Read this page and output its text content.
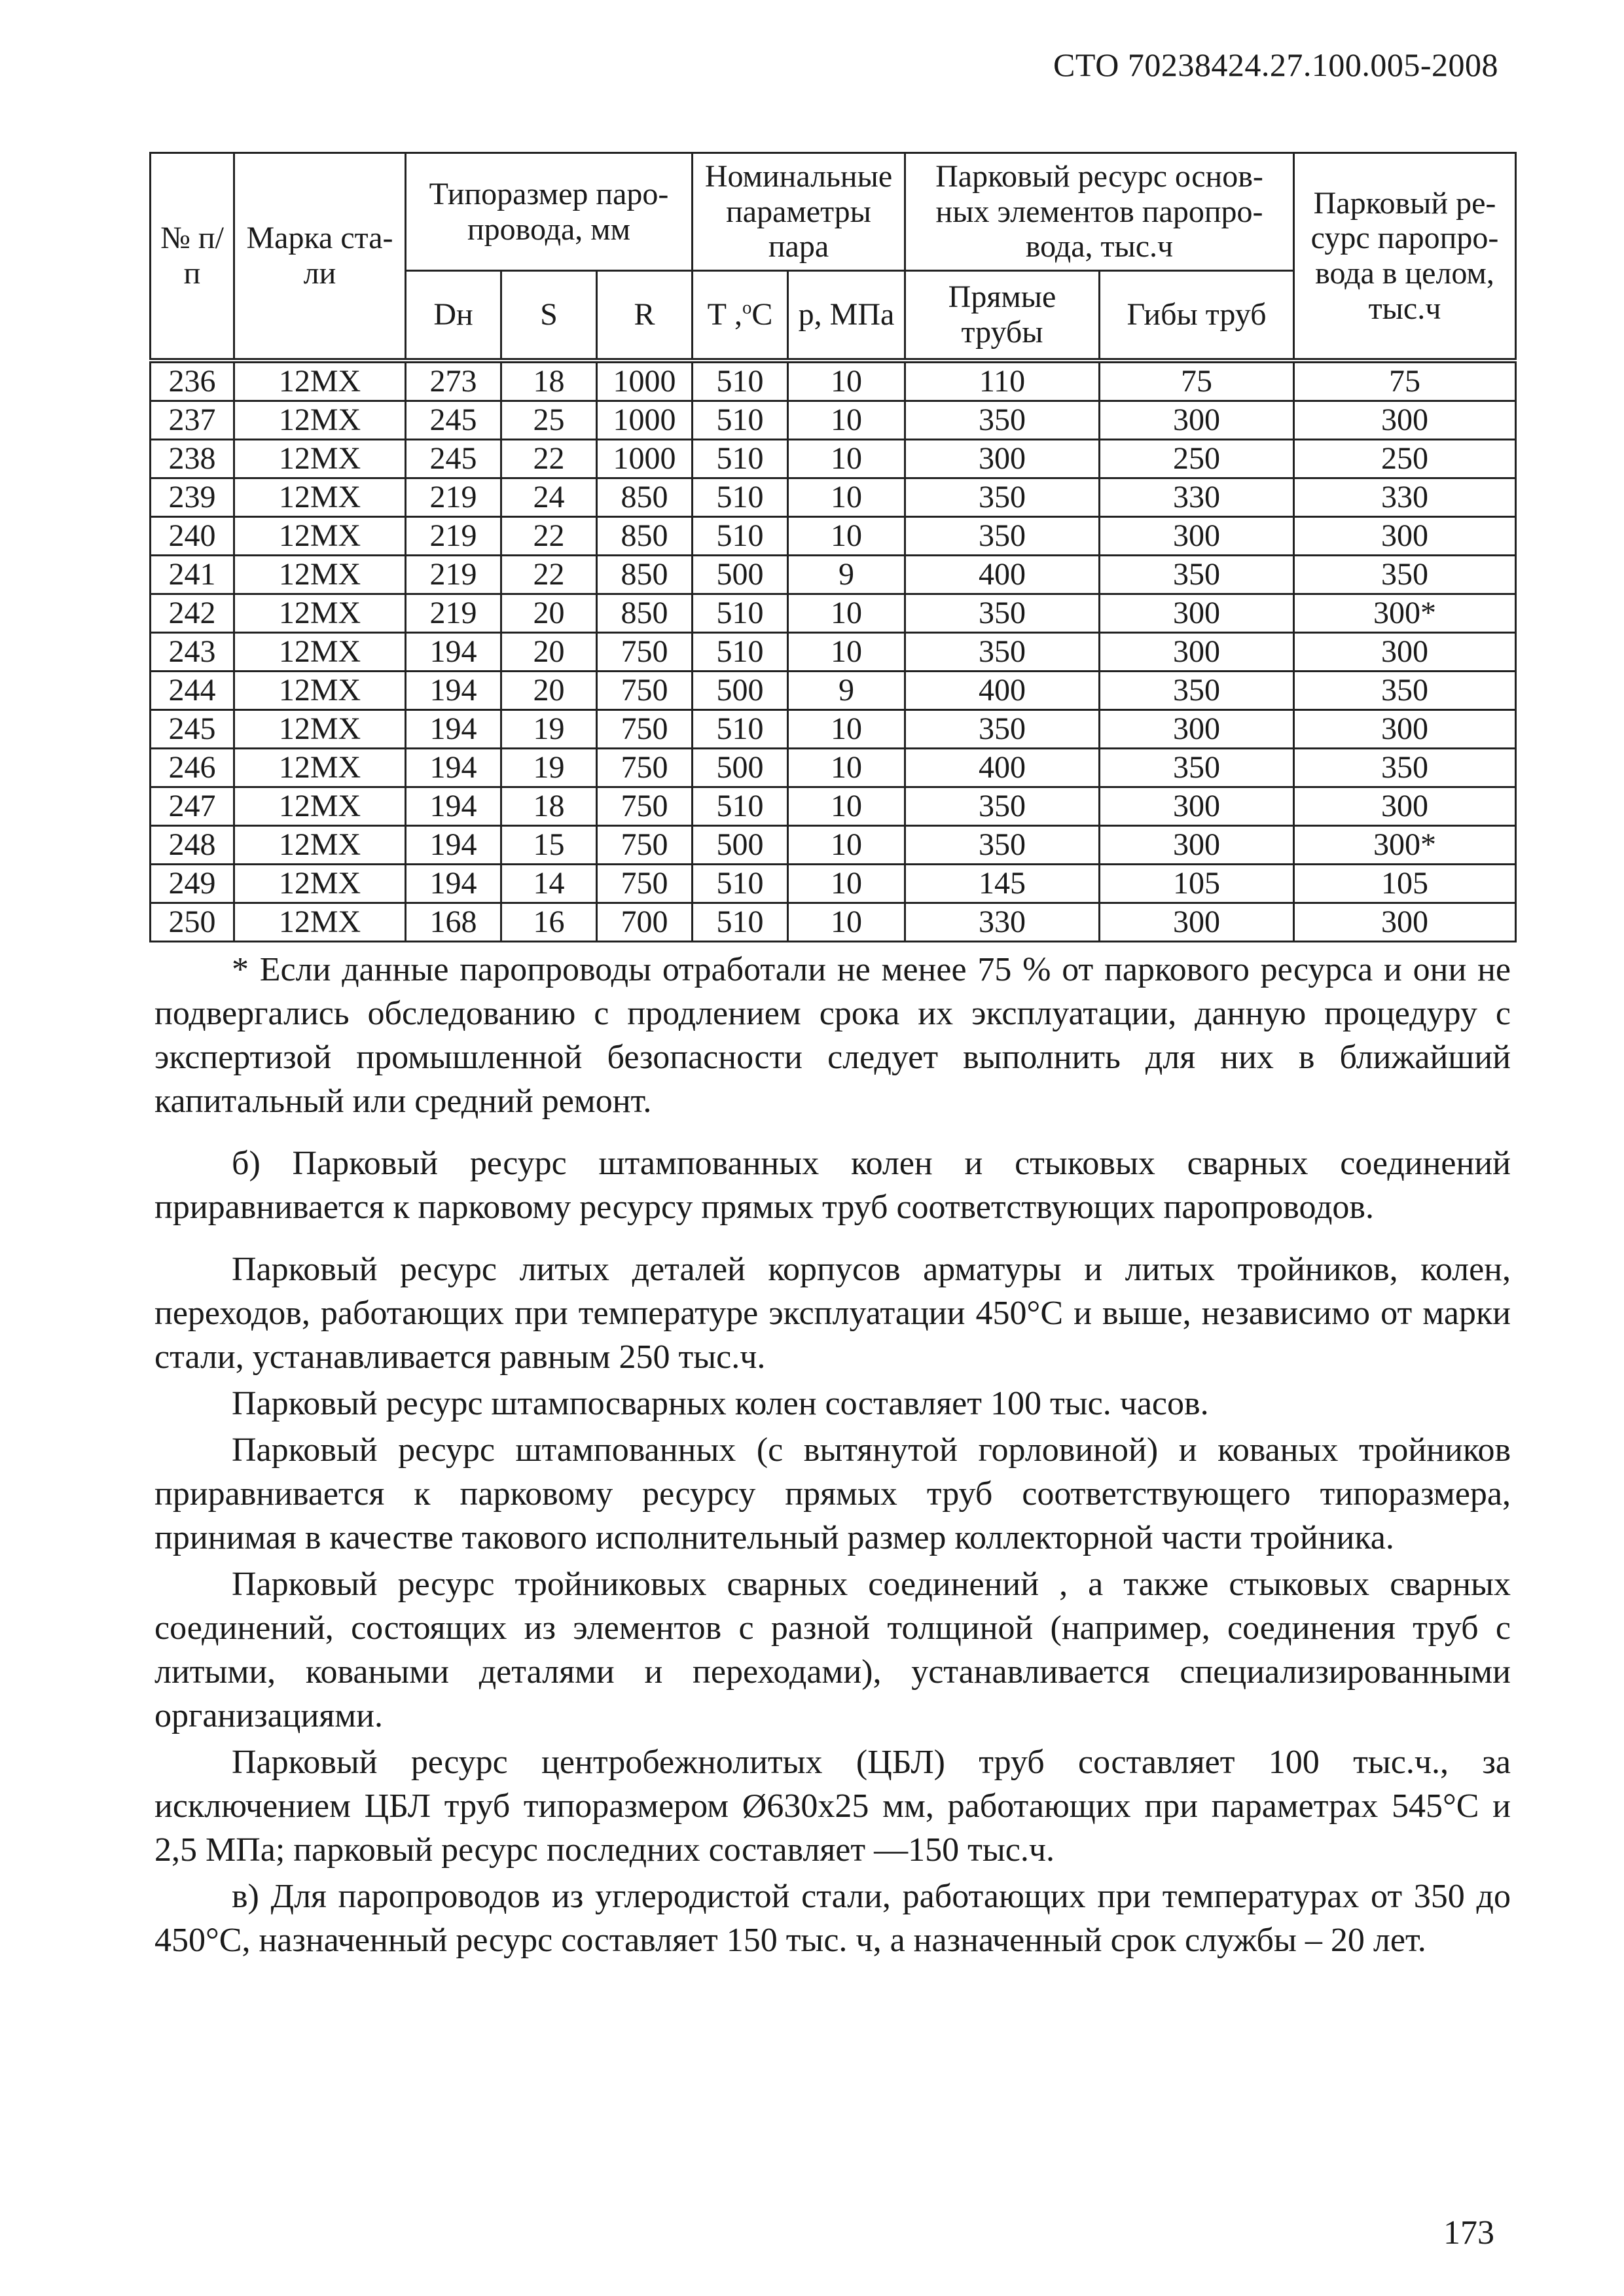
СТО 70238424.27.100.005-2008
№ п/п	Марка ста-ли	Типоразмер паро-провода, мм			Номинальные параметры пара		Парковый ресурс основ-ных элементов паропро-вода, тыс.ч		Парковый ре-сурс паропро-вода в целом, тыс.ч
		Dн	S	R	Т ,$^о$С	р, МПа	Прямые трубы	Гибы труб	
236	12МХ	273	18	1000	510	10	110	75	75
237	12МХ	245	25	1000	510	10	350	300	300
238	12МХ	245	22	1000	510	10	300	250	250
239	12МХ	219	24	850	510	10	350	330	330
240	12МХ	219	22	850	510	10	350	300	300
241	12МХ	219	22	850	500	9	400	350	350
242	12МХ	219	20	850	510	10	350	300	300*
243	12МХ	194	20	750	510	10	350	300	300
244	12МХ	194	20	750	500	9	400	350	350
245	12МХ	194	19	750	510	10	350	300	300
246	12МХ	194	19	750	500	10	400	350	350
247	12МХ	194	18	750	510	10	350	300	300
248	12МХ	194	15	750	500	10	350	300	300*
249	12МХ	194	14	750	510	10	145	105	105
250	12МХ	168	16	700	510	10	330	300	300

* Если данные паропроводы отработали не менее 75 % от паркового ресурса и они не подвергались обследованию с продлением срока их эксплуатации, данную процедуру с экспертизой промышленной безопасности следует выполнить для них в ближайший капитальный или средний ремонт.

б) Парковый ресурс штампованных колен и стыковых сварных соединений приравнивается к парковому ресурсу прямых труб соответствующих паропроводов.

Парковый ресурс литых деталей корпусов арматуры и литых тройников, колен, переходов, работающих при температуре эксплуатации 450°С и выше, независимо от марки стали, устанавливается равным 250 тыс.ч.

Парковый ресурс штампосварных колен составляет 100 тыс. часов.

Парковый ресурс штампованных (с вытянутой горловиной) и кованых тройников приравнивается к парковому ресурсу прямых труб соответствующего типоразмера, принимая в качестве такового исполнительный размер коллекторной части тройника.

Парковый ресурс тройниковых сварных соединений , а также стыковых сварных соединений, состоящих из элементов с разной толщиной (например, соединения труб с литыми, коваными деталями и переходами), устанавливается специализированными организациями.

Парковый ресурс центробежнолитых (ЦБЛ) труб составляет 100 тыс.ч., за исключением ЦБЛ труб типоразмером Ø630х25 мм, работающих при параметрах 545°С и 2,5 МПа; парковый ресурс последних составляет —150 тыс.ч.

в) Для паропроводов из углеродистой стали, работающих при температурах от 350 до 450°С, назначенный ресурс составляет 150 тыс. ч, а назначенный срок службы – 20 лет.

173
